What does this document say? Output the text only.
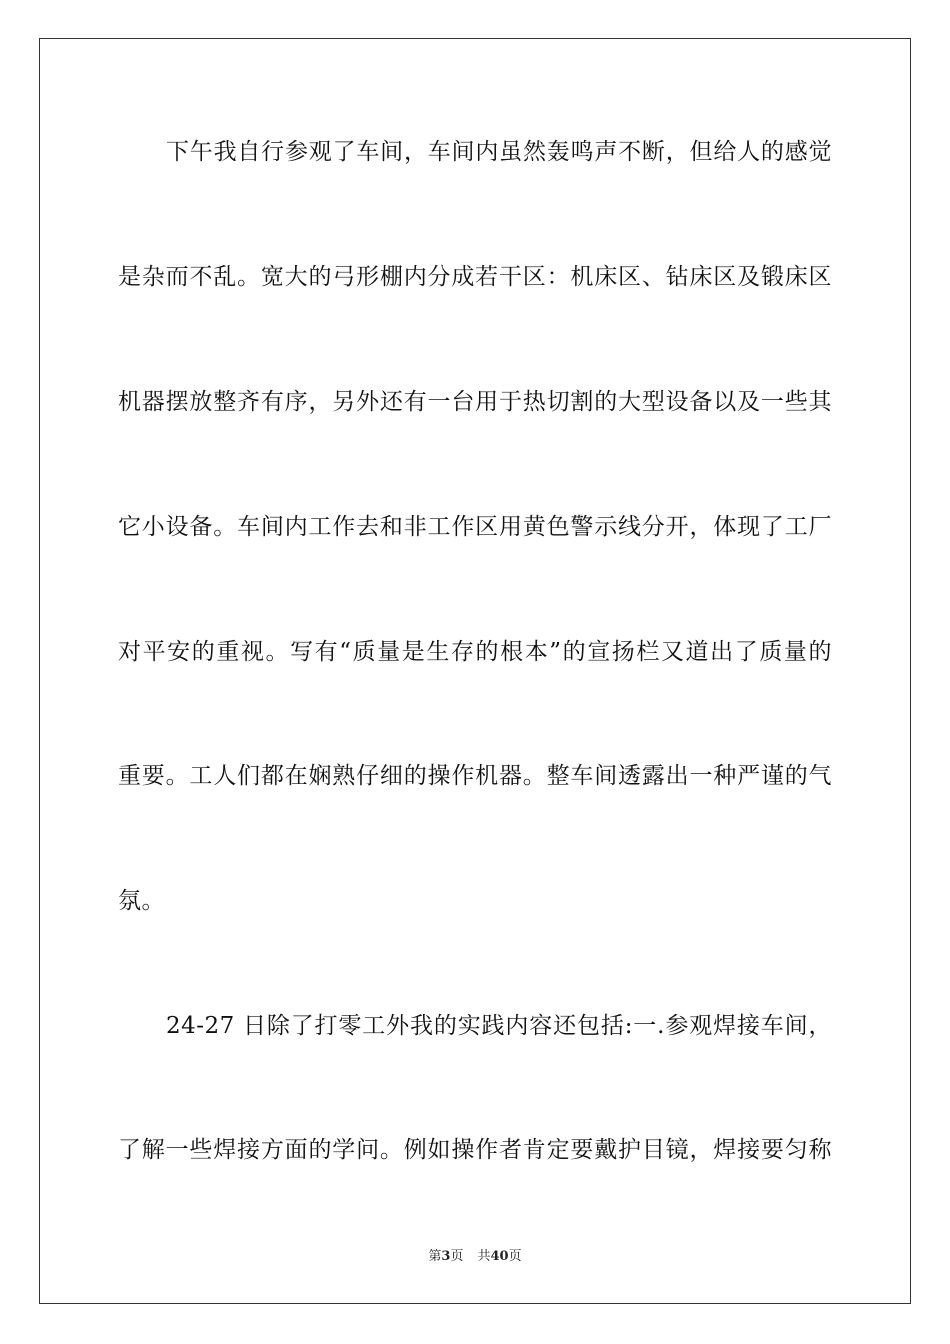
下午我自行参观了车间，车间内虽然轰鸣声不断，但给人的感觉
是杂而不乱。宽大的弓形棚内分成若干区：机床区、钻床区及锻床区
机器摆放整齐有序，另外还有一台用于热切割的大型设备以及一些其
它小设备。车间内工作去和非工作区用黄色警示线分开，体现了工厂
对平安的重视。写有“质量是生存的根本”的宣扬栏又道出了质量的
重要。工人们都在娴熟仔细的操作机器。整车间透露出一种严谨的气
氛。
24-27 日除了打零工外我的实践内容还包括:一.参观焊接车间，
了解一些焊接方面的学问。例如操作者肯定要戴护目镜，焊接要匀称
第3页 共40页
